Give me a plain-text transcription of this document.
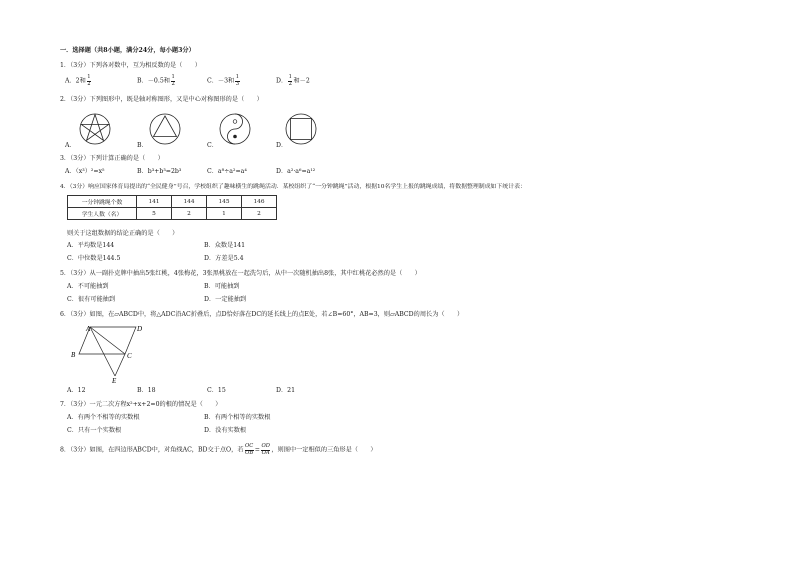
一．选择题（共8小题，满分24分，每小题3分）
1．（3分）下列各对数中，互为相反数的是（　　）
A．2和 $\frac{1}{2}$	B．－0.5和 $\frac{1}{2}$	C．－3和 $\frac{1}{3}$	D． $\frac{1}{2}$ 和－2
2．（3分）下列图形中，既是轴对称图形，又是中心对称图形的是（　　）
A．	B．	C．	D．
3．（3分）下列计算正确的是（　　）
A．（x³）²=x⁵	B．b³+b³=2b³	C．a⁸÷a²=a⁴	D．a²·a⁶=a¹²
4．（3分）响应国家体育局提出的“全民健身”号召，学校组织了趣味横生的跳绳活动．某校组织了“一分钟跳绳”活动，根据10名学生上报的跳绳成绩，将数据整理制成如下统计表：
一分钟跳绳个数	141	144	145	146
学生人数（名）	5	2	1	2
则关于这组数据的结论正确的是（　　）
A．平均数是144	B．众数是141
C．中位数是144.5	D．方差是5.4
5．（3分）从一副扑克牌中抽出5张红桃，4张梅花，3张黑桃放在一起洗匀后，从中一次随机抽出8张，其中红桃花必然的是（　　）
A．不可能抽到	B．可能抽到
C．很有可能抽到	D．一定能抽到
6．（3分）如图，在▱ABCD中，将△ADC沿AC折叠后，点D恰好落在DC的延长线上的点E处，若∠B=60°，AB=3，则▱ABCD的周长为（　　）
A	D
B	C
E
A．12	B．18	C．15	D．21
7．（3分）一元二次方程x²+x+2=0的根的情况是（　　）
A．有两个不相等的实数根	B．有两个相等的实数根
C．只有一个实数根	D．没有实数根
8．（3分）如图，在四边形ABCD中，对角线AC，BD交于点O，若 $\frac{OC}{OB} = \frac{OD}{OA}$ ，则图中一定相似的三角形是（　　）
